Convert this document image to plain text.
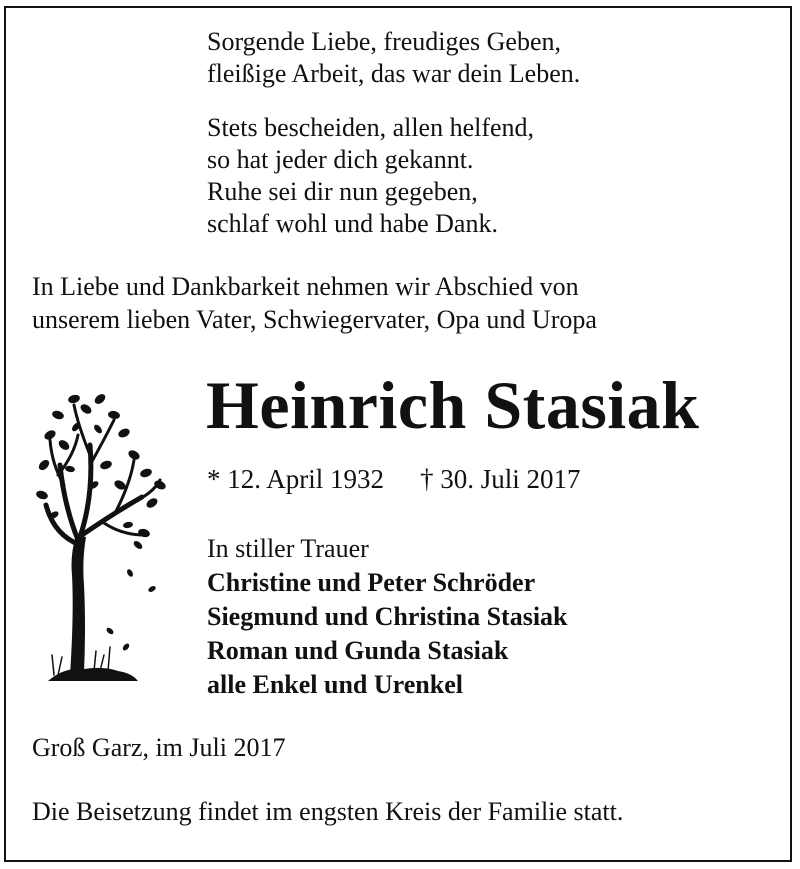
Sorgende Liebe, freudiges Geben,
fleißige Arbeit, das war dein Leben.
Stets bescheiden, allen helfend,
so hat jeder dich gekannt.
Ruhe sei dir nun gegeben,
schlaf wohl und habe Dank.
In Liebe und Dankbarkeit nehmen wir Abschied von
unserem lieben Vater, Schwiegervater, Opa und Uropa
Heinrich Stasiak
* 12. April 1932 † 30. Juli 2017
In stiller Trauer
Christine und Peter Schröder
Siegmund und Christina Stasiak
Roman und Gunda Stasiak
alle Enkel und Urenkel
Groß Garz, im Juli 2017
Die Beisetzung findet im engsten Kreis der Familie statt.
